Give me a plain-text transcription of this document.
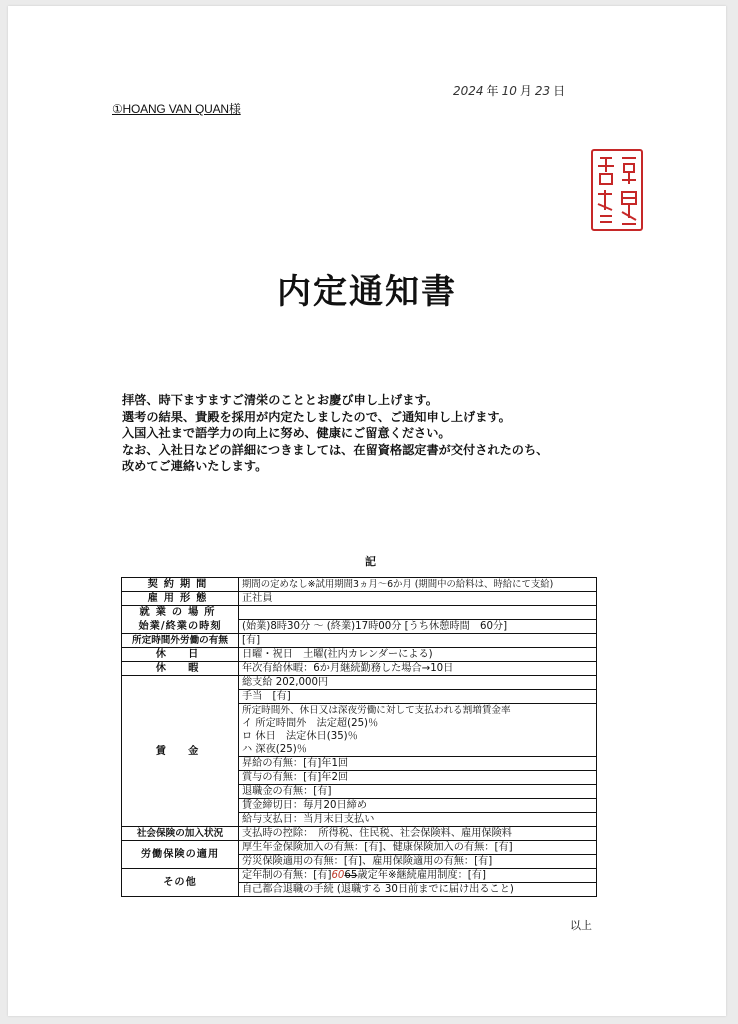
①HOANG VAN QUAN様
2024 年 10 月 23 日
内定通知書
拝啓、時下ますますご清栄のこととお慶び申し上げます。
選考の結果、貴殿を採用が内定たしましたので、ご通知申し上げます。
入国入社まで語学力の向上に努め、健康にご留意ください。
なお、入社日などの詳細につきましては、在留資格認定書が交付されたのち、
改めてご連絡いたします。
記
契約期間	期間の定めなし※試用期間3ヵ月～6か月 (期間中の給料は、時給にて支給)
雇用形態	正社員
就業の場所	
始業/終業の時刻	(始業)8時30分 ～ (終業)17時00分 [うち休憩時間　60分]
所定時間外労働の有無	[有]
休　日	日曜・祝日　土曜(社内カレンダーによる)
休　暇	年次有給休暇：6か月継続勤務した場合→10日
賃　金	総支給 202,000円
	手当　[有]
	所定時間外、休日又は深夜労働に対して支払われる割増賃金率
	イ 所定時間外　法定超(25)％
	ロ 休日　法定休日(35)％
	ハ 深夜(25)％
	昇給の有無：[有]年1回
	賞与の有無：[有]年2回
	退職金の有無：[有]
	賃金締切日：毎月20日締め
	給与支払日：当月末日支払い
社会保険の加入状況	支払時の控除：　所得税、住民税、社会保険料、雇用保険料
労働保険の適用	厚生年金保険加入の有無：[有]、健康保険加入の有無：[有]
	労災保険適用の有無：[有]、雇用保険適用の有無：[有]
その他	定年制の有無：[有]6065歳定年※継続雇用制度：[有]
	自己都合退職の手続 (退職する 30日前までに届け出ること)
以上
